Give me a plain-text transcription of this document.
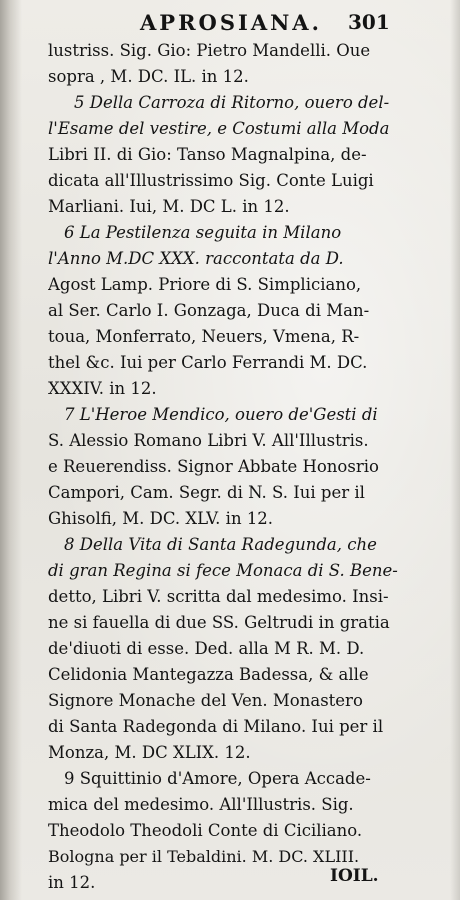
APROSIANA. 301
lustriss. Sig. Gio: Pietro Mandelli. Oue
sopra , M. DC. IL. in 12.
5 Della Carroza di Ritorno, ouero del-
l'Esame del vestire, e Costumi alla Moda
Libri II. di Gio: Tanso Magnalpina, de-
dicata all'Illustrissimo Sig. Conte Luigi
Marliani. Iui, M. DC L. in 12.
6 La Pestilenza seguita in Milano
l'Anno M.DC XXX. raccontata da D.
Agost Lamp. Priore di S. Simpliciano,
al Ser. Carlo I. Gonzaga, Duca di Man-
toua, Monferrato, Neuers, Vmena, R-
thel &c. Iui per Carlo Ferrandi M. DC.
XXXIV. in 12.
7 L'Heroe Mendico, ouero de'Gesti di
S. Alessio Romano Libri V. All'Illustris.
e Reuerendiss. Signor Abbate Honosrio
Campori, Cam. Segr. di N. S. Iui per il
Ghisolfi, M. DC. XLV. in 12.
8 Della Vita di Santa Radegunda, che
di gran Regina si fece Monaca di S. Bene-
detto, Libri V. scritta dal medesimo. Insi-
ne si fauella di due SS. Geltrudi in gratia
de'diuoti di esse. Ded. alla M R. M. D.
Celidonia Mantegazza Badessa, & alle
Signore Monache del Ven. Monastero
di Santa Radegonda di Milano. Iui per il
Monza, M. DC XLIX. 12.
9 Squittinio d'Amore, Opera Accade-
mica del medesimo. All'Illustris. Sig.
Theodolo Theodoli Conte di Ciciliano.
Bologna per il Tebaldini. M. DC. XLIII.
in 12.	IOIL.
